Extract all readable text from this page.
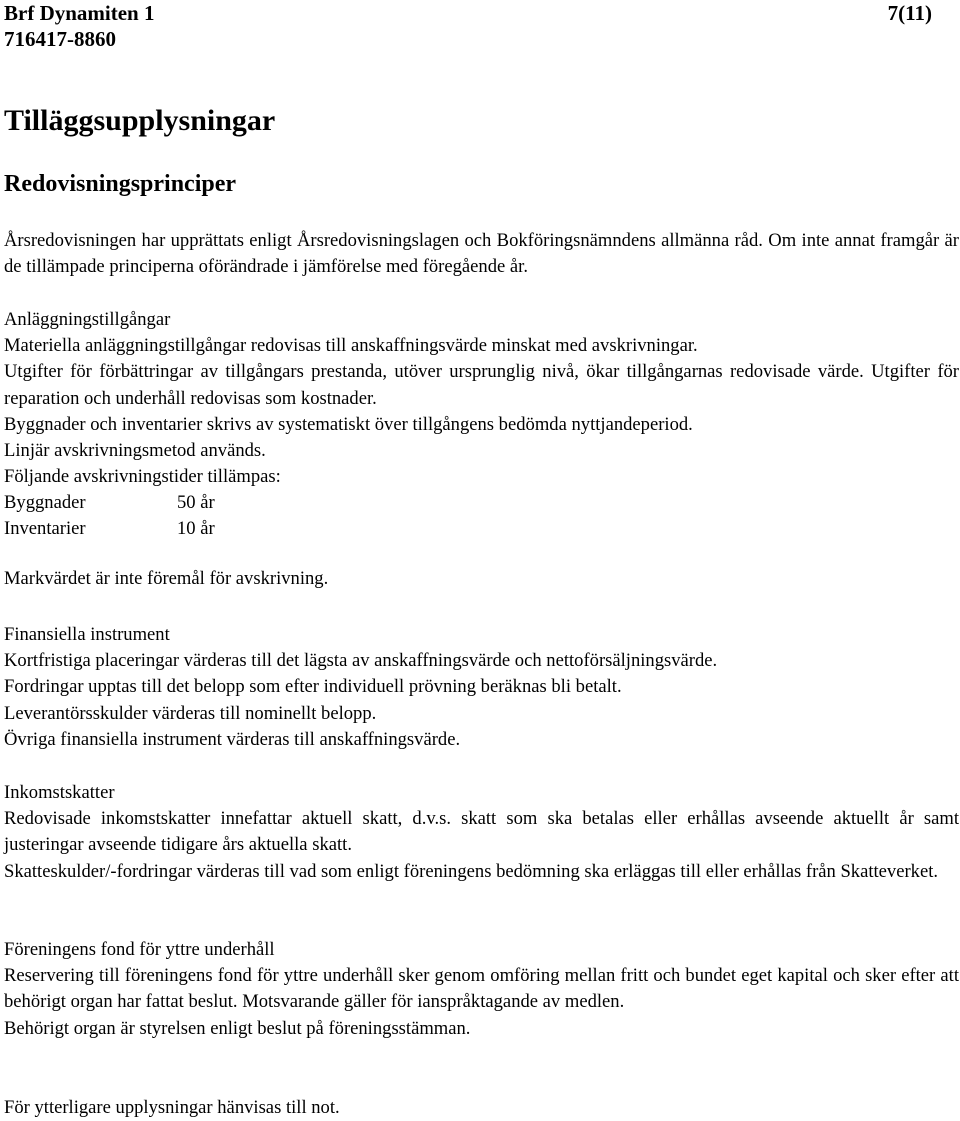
Brf Dynamiten 1
716417-8860
7(11)
Tilläggsupplysningar
Redovisningsprinciper

Årsredovisningen har upprättats enligt Årsredovisningslagen och Bokföringsnämndens allmänna råd. Om inte annat framgår är de tillämpade principerna oförändrade i jämförelse med föregående år.

Anläggningstillgångar

Materiella anläggningstillgångar redovisas till anskaffningsvärde minskat med avskrivningar.

Utgifter för förbättringar av tillgångars prestanda, utöver ursprunglig nivå, ökar tillgångarnas redovisade värde. Utgifter för reparation och underhåll redovisas som kostnader.

Byggnader och inventarier skrivs av systematiskt över tillgångens bedömda nyttjandeperiod.

Linjär avskrivningsmetod används.

Följande avskrivningstider tillämpas:

Byggnader	50 år
Inventarier	10 år

Markvärdet är inte föremål för avskrivning.

Finansiella instrument

Kortfristiga placeringar värderas till det lägsta av anskaffningsvärde och nettoförsäljningsvärde.

Fordringar upptas till det belopp som efter individuell prövning beräknas bli betalt.

Leverantörsskulder värderas till nominellt belopp.

Övriga finansiella instrument värderas till anskaffningsvärde.

Inkomstskatter

Redovisade inkomstskatter innefattar aktuell skatt, d.v.s. skatt som ska betalas eller erhållas avseende aktuellt år samt justeringar avseende tidigare års aktuella skatt.

Skatteskulder/-fordringar värderas till vad som enligt föreningens bedömning ska erläggas till eller erhållas från Skatteverket.

Föreningens fond för yttre underhåll

Reservering till föreningens fond för yttre underhåll sker genom omföring mellan fritt och bundet eget kapital och sker efter att behörigt organ har fattat beslut. Motsvarande gäller för ianspråktagande av medlen.

Behörigt organ är styrelsen enligt beslut på föreningsstämman.

För ytterligare upplysningar hänvisas till not.
